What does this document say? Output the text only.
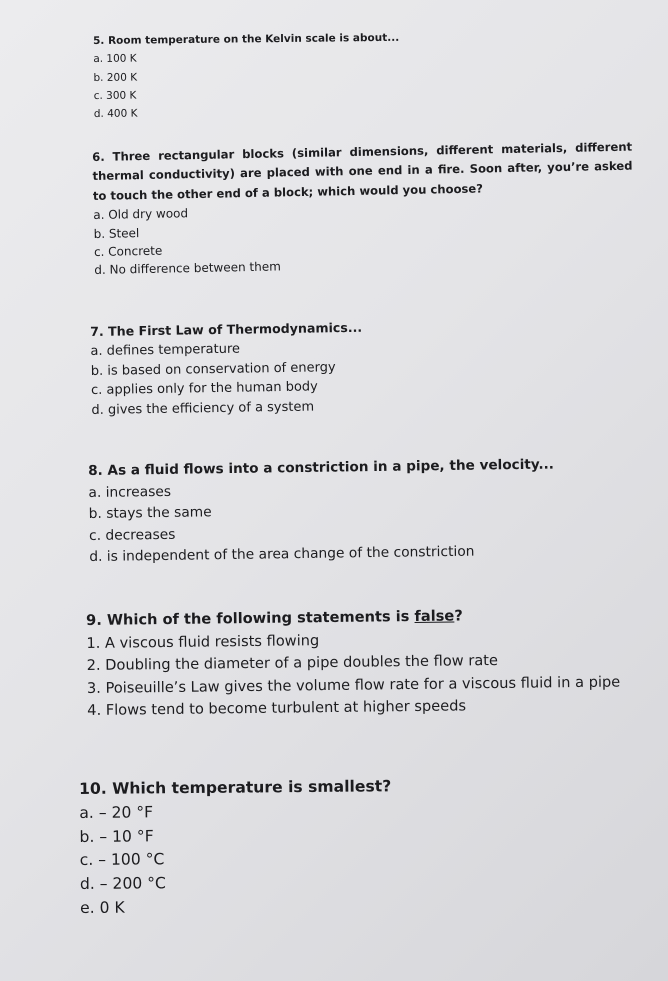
5. Room temperature on the Kelvin scale is about...

a. 100 K

b. 200 K

c. 300 K

d. 400 K

6. Three rectangular blocks (similar dimensions, different materials, different thermal conductivity) are placed with one end in a fire. Soon after, you’re asked to touch the other end of a block; which would you choose?

a. Old dry wood

b. Steel

c. Concrete

d. No difference between them

7. The First Law of Thermodynamics...

a. defines temperature

b. is based on conservation of energy

c. applies only for the human body

d. gives the efficiency of a system

8. As a fluid flows into a constriction in a pipe, the velocity...

a. increases

b. stays the same

c. decreases

d. is independent of the area change of the constriction

9. Which of the following statements is false?

1. A viscous fluid resists flowing

2. Doubling the diameter of a pipe doubles the flow rate

3. Poiseuille’s Law gives the volume flow rate for a viscous fluid in a pipe

4. Flows tend to become turbulent at higher speeds

10. Which temperature is smallest?

a. – 20 °F

b. – 10 °F

c. – 100 °C

d. – 200 °C

e. 0 K
